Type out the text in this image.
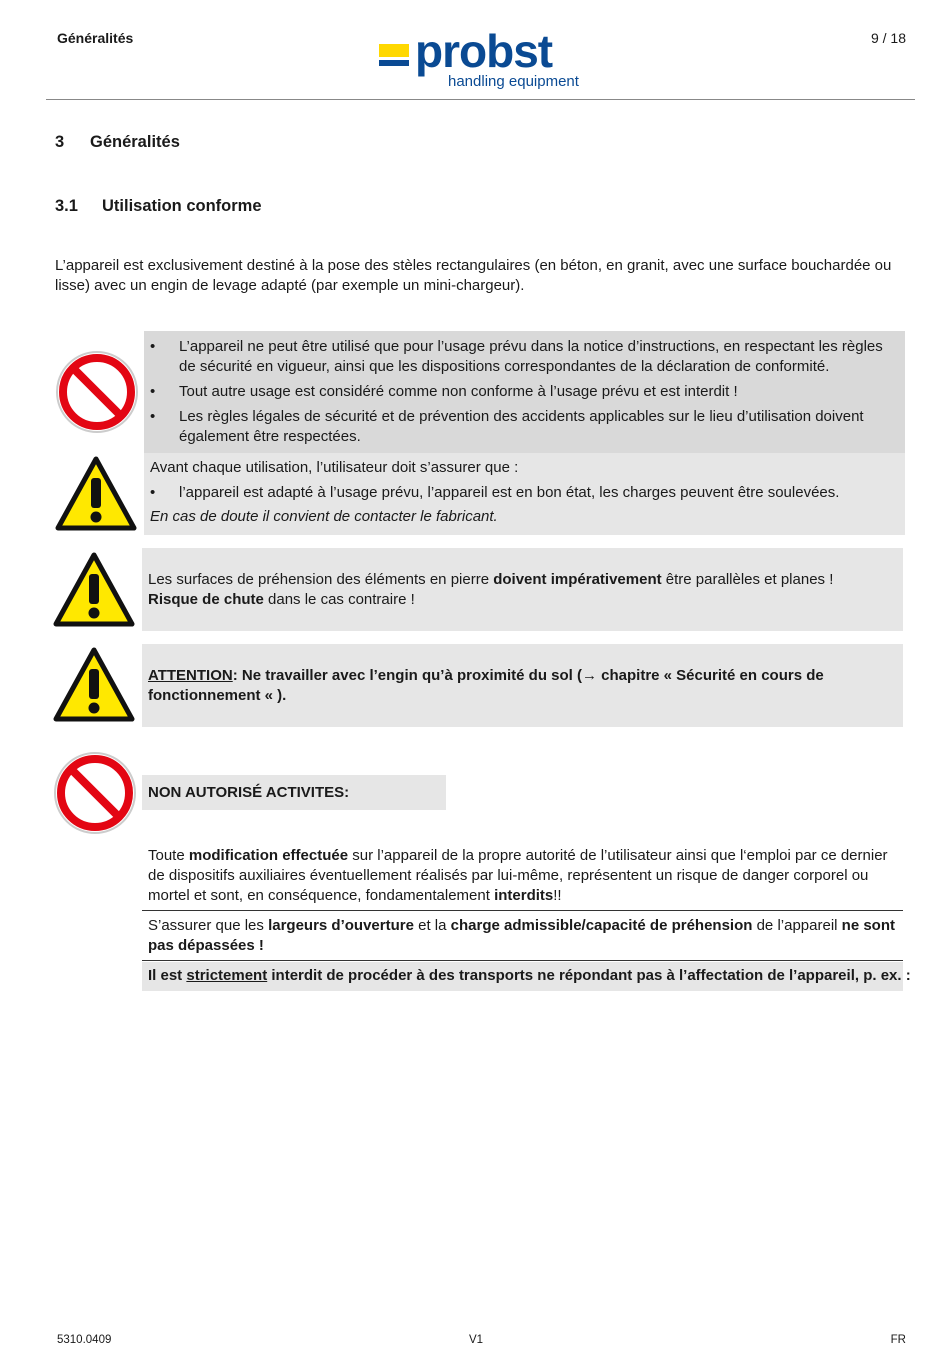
Généralités	9 / 18
probst
handling equipment
3 Généralités
3.1 Utilisation conforme
L’appareil est exclusivement destiné à la pose des stèles rectangulaires (en béton, en granit, avec une surface bouchardée ou lisse) avec un engin de levage adapté (par exemple un mini-chargeur).
• L’appareil ne peut être utilisé que pour l’usage prévu dans la notice d’instructions, en respectant les règles de sécurité en vigueur, ainsi que les dispositions correspondantes de la déclaration de conformité.
• Tout autre usage est considéré comme non conforme à l’usage prévu et est interdit !
• Les règles légales de sécurité et de prévention des accidents applicables sur le lieu d’utilisation doivent également être respectées.
Avant chaque utilisation, l’utilisateur doit s’assurer que :
• l’appareil est adapté à l’usage prévu, l’appareil est en bon état, les charges peuvent être soulevées.
En cas de doute il convient de contacter le fabricant.
Les surfaces de préhension des éléments en pierre doivent impérativement être parallèles et planes !
Risque de chute dans le cas contraire !
ATTENTION: Ne travailler avec l’engin qu’à proximité du sol (→ chapitre « Sécurité en cours de fonctionnement « ).
NON AUTORISÉ ACTIVITES:
Toute modification effectuée sur l’appareil de la propre autorité de l’utilisateur ainsi que l‘emploi par ce dernier de dispositifs auxiliaires éventuellement réalisés par lui-même, représentent un risque de danger corporel ou mortel et sont, en conséquence, fondamentalement interdits!!
S’assurer que les largeurs d’ouverture et la charge admissible/capacité de préhension de l’appareil ne sont pas dépassées !
Il est strictement interdit de procéder à des transports ne répondant pas à l’affectation de l’appareil, p. ex. :
5310.0409	V1	FR
